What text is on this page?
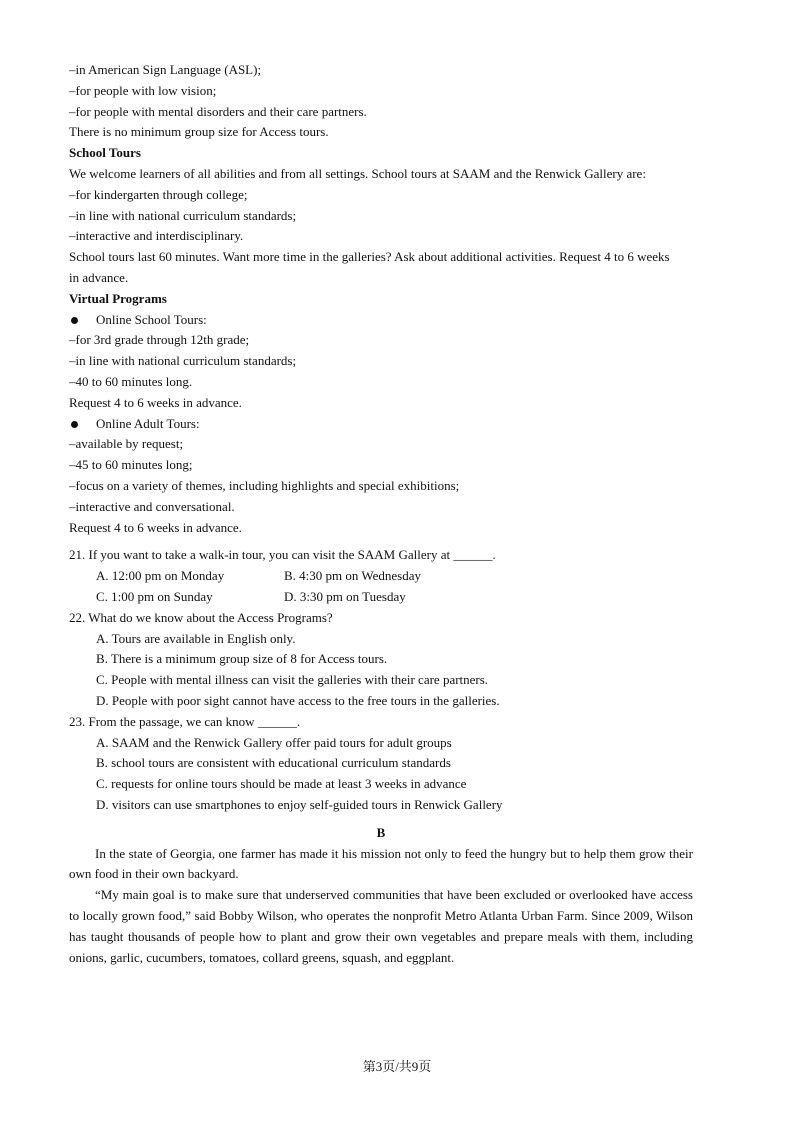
–in American Sign Language (ASL);
–for people with low vision;
–for people with mental disorders and their care partners.
There is no minimum group size for Access tours.
School Tours
We welcome learners of all abilities and from all settings. School tours at SAAM and the Renwick Gallery are:
–for kindergarten through college;
–in line with national curriculum standards;
–interactive and interdisciplinary.
School tours last 60 minutes. Want more time in the galleries? Ask about additional activities. Request 4 to 6 weeks
in advance.
Virtual Programs
Online School Tours:
–for 3rd grade through 12th grade;
–in line with national curriculum standards;
–40 to 60 minutes long.
Request 4 to 6 weeks in advance.
Online Adult Tours:
–available by request;
–45 to 60 minutes long;
–focus on a variety of themes, including highlights and special exhibitions;
–interactive and conversational.
Request 4 to 6 weeks in advance.
21. If you want to take a walk-in tour, you can visit the SAAM Gallery at ______.
A. 12:00 pm on Monday	B. 4:30 pm on Wednesday
C. 1:00 pm on Sunday	D. 3:30 pm on Tuesday
22. What do we know about the Access Programs?
A. Tours are available in English only.
B. There is a minimum group size of 8 for Access tours.
C. People with mental illness can visit the galleries with their care partners.
D. People with poor sight cannot have access to the free tours in the galleries.
23. From the passage, we can know ______.
A. SAAM and the Renwick Gallery offer paid tours for adult groups
B. school tours are consistent with educational curriculum standards
C. requests for online tours should be made at least 3 weeks in advance
D. visitors can use smartphones to enjoy self-guided tours in Renwick Gallery
B
In the state of Georgia, one farmer has made it his mission not only to feed the hungry but to help them grow their own food in their own backyard.
“My main goal is to make sure that underserved communities that have been excluded or overlooked have access to locally grown food,” said Bobby Wilson, who operates the nonprofit Metro Atlanta Urban Farm. Since 2009, Wilson has taught thousands of people how to plant and grow their own vegetables and prepare meals with them, including onions, garlic, cucumbers, tomatoes, collard greens, squash, and eggplant.
第3页/共9页
